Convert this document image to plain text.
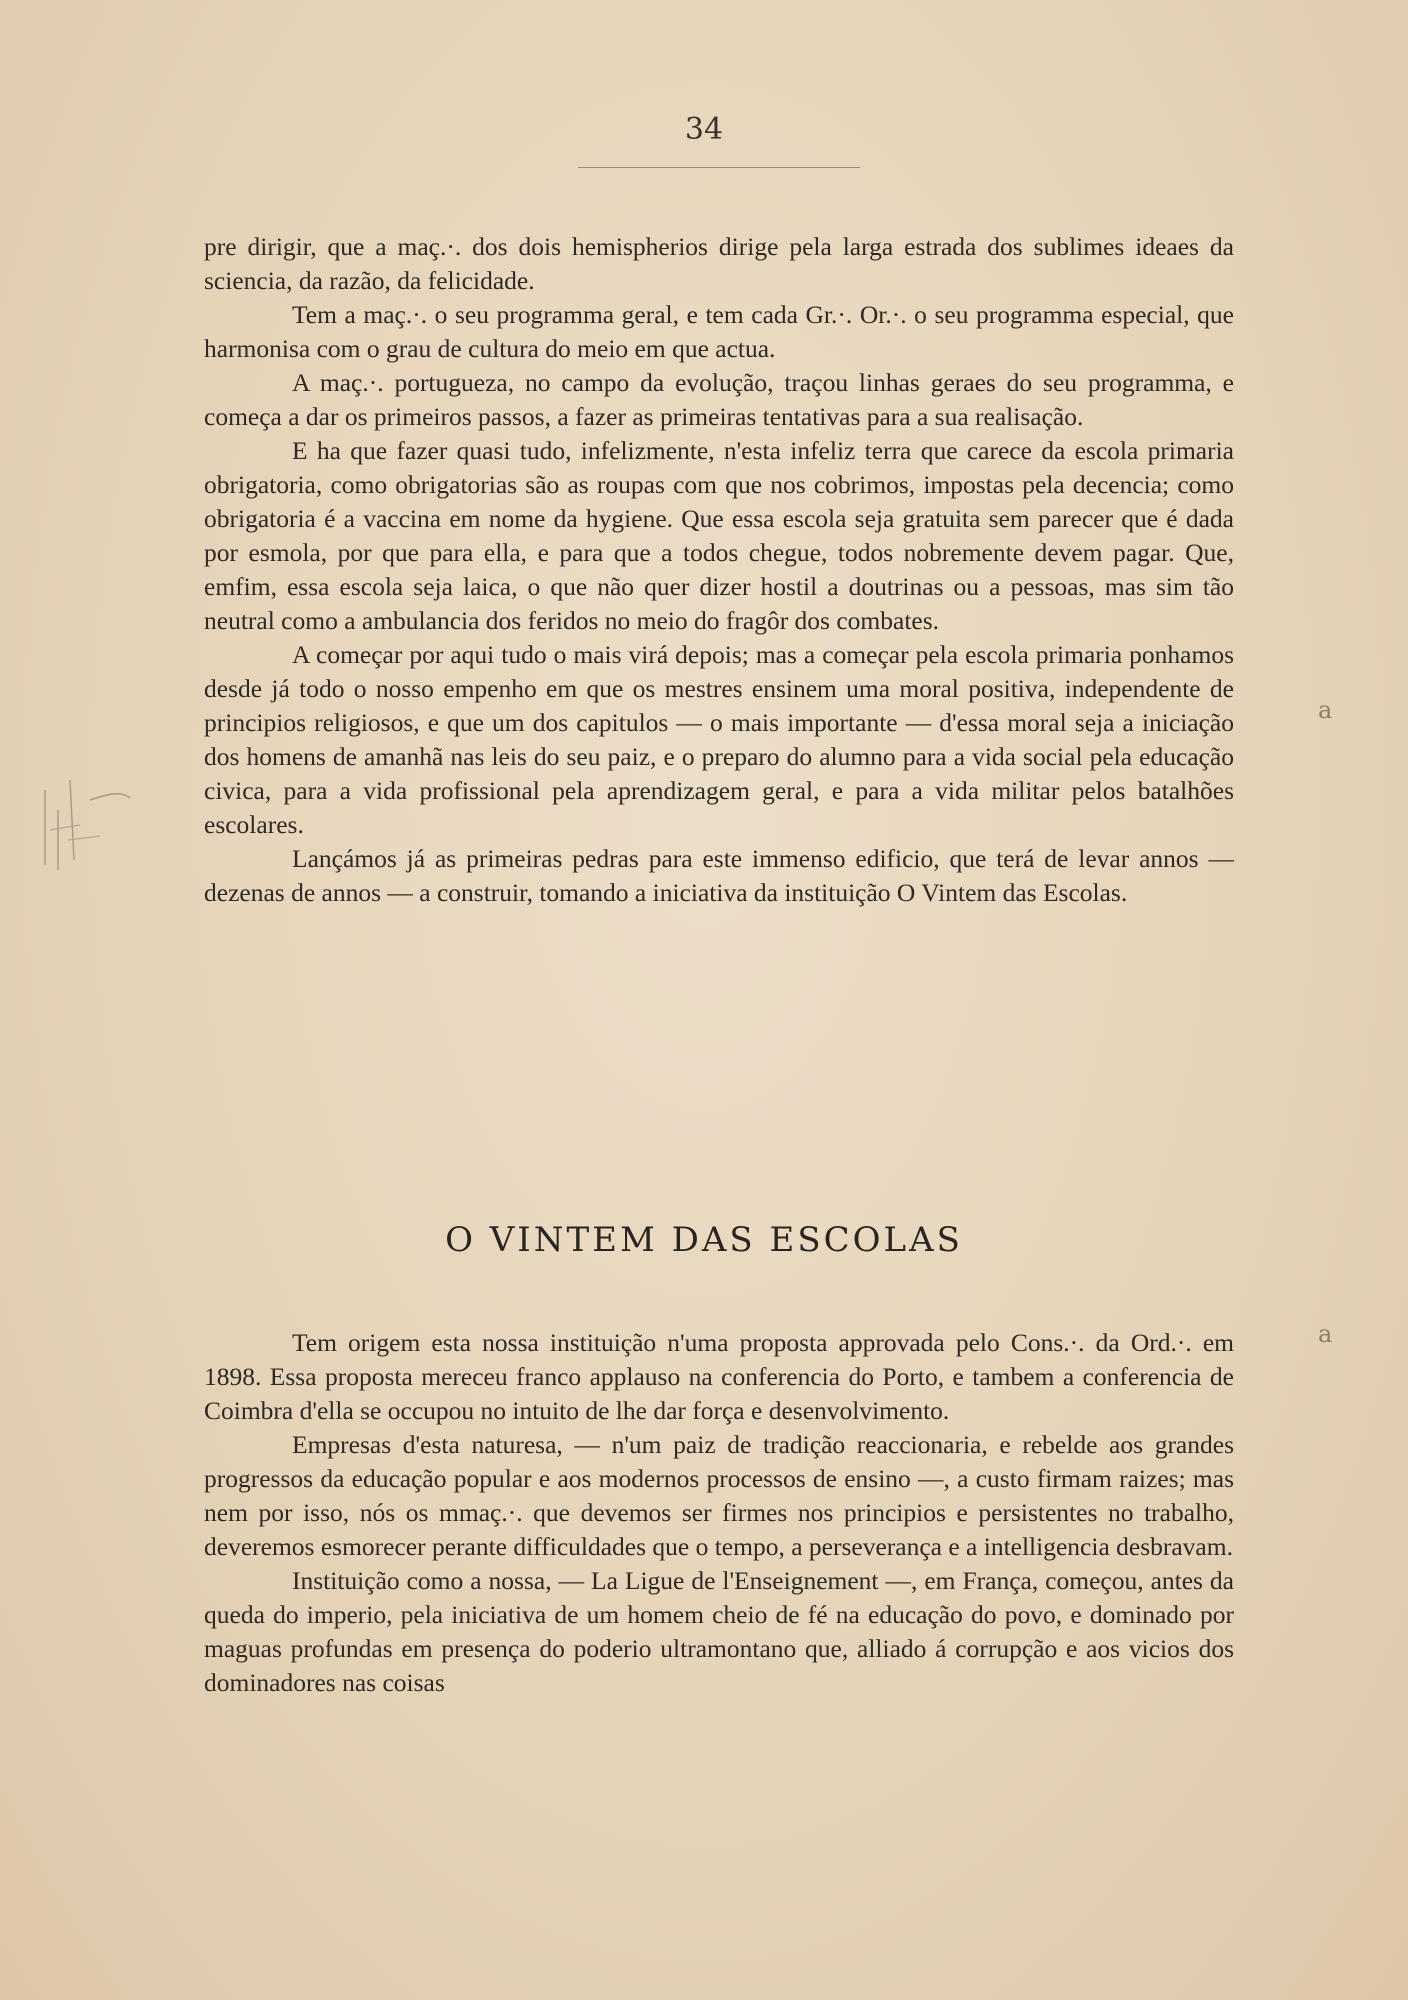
34

pre dirigir, que a maç.·. dos dois hemispherios dirige pela larga estrada dos sublimes ideaes da sciencia, da razão, da felicidade.

Tem a maç.·. o seu programma geral, e tem cada Gr.·. Or.·. o seu programma especial, que harmonisa com o grau de cultura do meio em que actua.

A maç.·. portugueza, no campo da evolução, traçou linhas geraes do seu programma, e começa a dar os primeiros passos, a fazer as primeiras tentativas para a sua realisação.

E ha que fazer quasi tudo, infelizmente, n'esta infeliz terra que carece da escola primaria obrigatoria, como obrigatorias são as roupas com que nos cobrimos, impostas pela decencia; como obrigatoria é a vaccina em nome da hygiene. Que essa escola seja gratuita sem parecer que é dada por esmola, por que para ella, e para que a todos chegue, todos nobremente devem pagar. Que, emfim, essa escola seja laica, o que não quer dizer hostil a doutrinas ou a pessoas, mas sim tão neutral como a ambulancia dos feridos no meio do fragôr dos combates.

A começar por aqui tudo o mais virá depois; mas a começar pela escola primaria ponhamos desde já todo o nosso empenho em que os mestres ensinem uma moral positiva, independente de principios religiosos, e que um dos capitulos — o mais importante — d'essa moral seja a iniciação dos homens de amanhã nas leis do seu paiz, e o preparo do alumno para a vida social pela educação civica, para a vida profissional pela aprendizagem geral, e para a vida militar pelos batalhões escolares.

Lançámos já as primeiras pedras para este immenso edificio, que terá de levar annos — dezenas de annos — a construir, tomando a iniciativa da instituição O Vintem das Escolas.

O VINTEM DAS ESCOLAS

Tem origem esta nossa instituição n'uma proposta approvada pelo Cons.·. da Ord.·. em 1898. Essa proposta mereceu franco applauso na conferencia do Porto, e tambem a conferencia de Coimbra d'ella se occupou no intuito de lhe dar força e desenvolvimento.

Empresas d'esta naturesa, — n'um paiz de tradição reaccionaria, e rebelde aos grandes progressos da educação popular e aos modernos processos de ensino —, a custo firmam raizes; mas nem por isso, nós os mmaç.·. que devemos ser firmes nos principios e persistentes no trabalho, deveremos esmorecer perante difficuldades que o tempo, a perseverança e a intelligencia desbravam.

Instituição como a nossa, — La Ligue de l'Enseignement —, em França, começou, antes da queda do imperio, pela iniciativa de um homem cheio de fé na educação do povo, e dominado por maguas profundas em presença do poderio ultramontano que, alliado á corrupção e aos vicios dos dominadores nas coisas

a
a
